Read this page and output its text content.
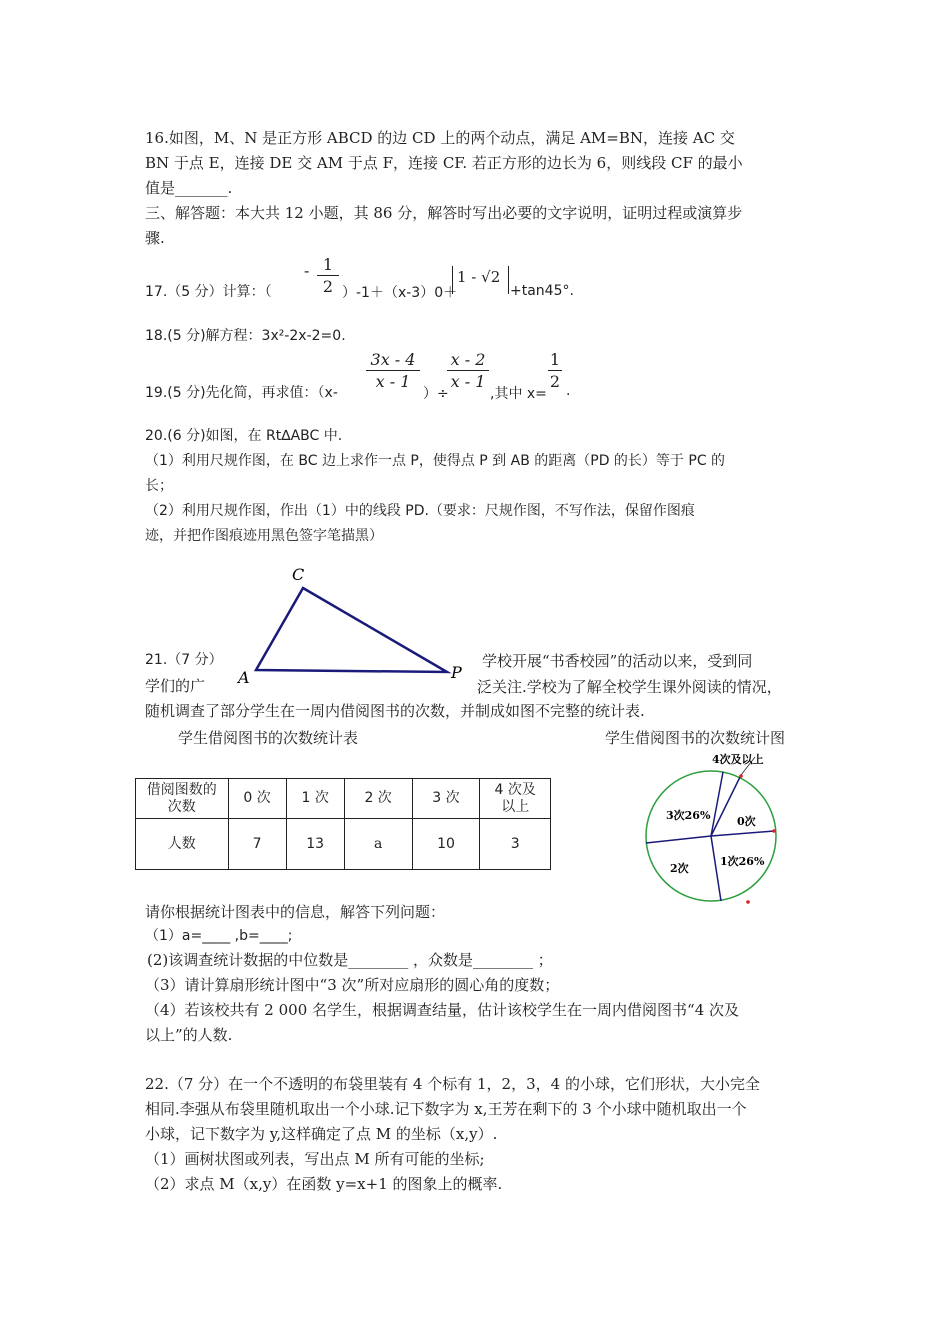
16.如图，M、N 是正方形 ABCD 的边 CD 上的两个动点，满足 AM=BN，连接 AC 交
BN 于点 E，连接 DE 交 AM 于点 F，连接 CF. 若正方形的边长为 6，则线段 CF 的最小
值是_______.
三、解答题：本大共 12 小题，其 86 分，解答时写出必要的文字说明，证明过程或演算步
骤.
17.（5 分）计算：（
- 1
2 ）-1＋（x-3）0＋
1 - √2
+tan45°.
18.(5 分)解方程：3x²-2x-2=0.
19.(5 分)先化简，再求值：（x-
3x - 4
x - 1
）÷
x - 2
x - 1
,其中 x=
1
2 .
20.(6 分)如图，在 Rt∆ABC 中.
（1）利用尺规作图，在 BC 边上求作一点 P，使得点 P 到 AB 的距离（PD 的长）等于 PC 的
长；
（2）利用尺规作图，作出（1）中的线段 PD.（要求：尺规作图，不写作法，保留作图痕
迹，并把作图痕迹用黑色签字笔描黑）
C
A	P
21.（7 分）	学校开展“书香校园”的活动以来，受到同
学们的广	泛关注.学校为了解全校学生课外阅读的情况，
随机调查了部分学生在一周内借阅图书的次数，并制成如图不完整的统计表.
学生借阅图书的次数统计表	学生借阅图书的次数统计图
借阅图数的次数	0 次	1 次	2 次	3 次	4 次及以上
人数	7	13	a	10	3
4次及以上
0次
3次26%
1次26%
2次
请你根据统计图表中的信息，解答下列问题：
（1）a=____ ,b=____;
(2)该调查统计数据的中位数是________ ，众数是________ ；
（3）请计算扇形统计图中“3 次”所对应扇形的圆心角的度数；
（4）若该校共有 2 000 名学生，根据调查结量，估计该校学生在一周内借阅图书“4 次及
以上”的人数.
22.（7 分）在一个不透明的布袋里装有 4 个标有 1，2，3，4 的小球，它们形状，大小完全
相同.李强从布袋里随机取出一个小球.记下数字为 x,王芳在剩下的 3 个小球中随机取出一个
小球，记下数字为 y,这样确定了点 M 的坐标（x,y）.
（1）画树状图或列表，写出点 M 所有可能的坐标;
（2）求点 M（x,y）在函数 y=x+1 的图象上的概率.
